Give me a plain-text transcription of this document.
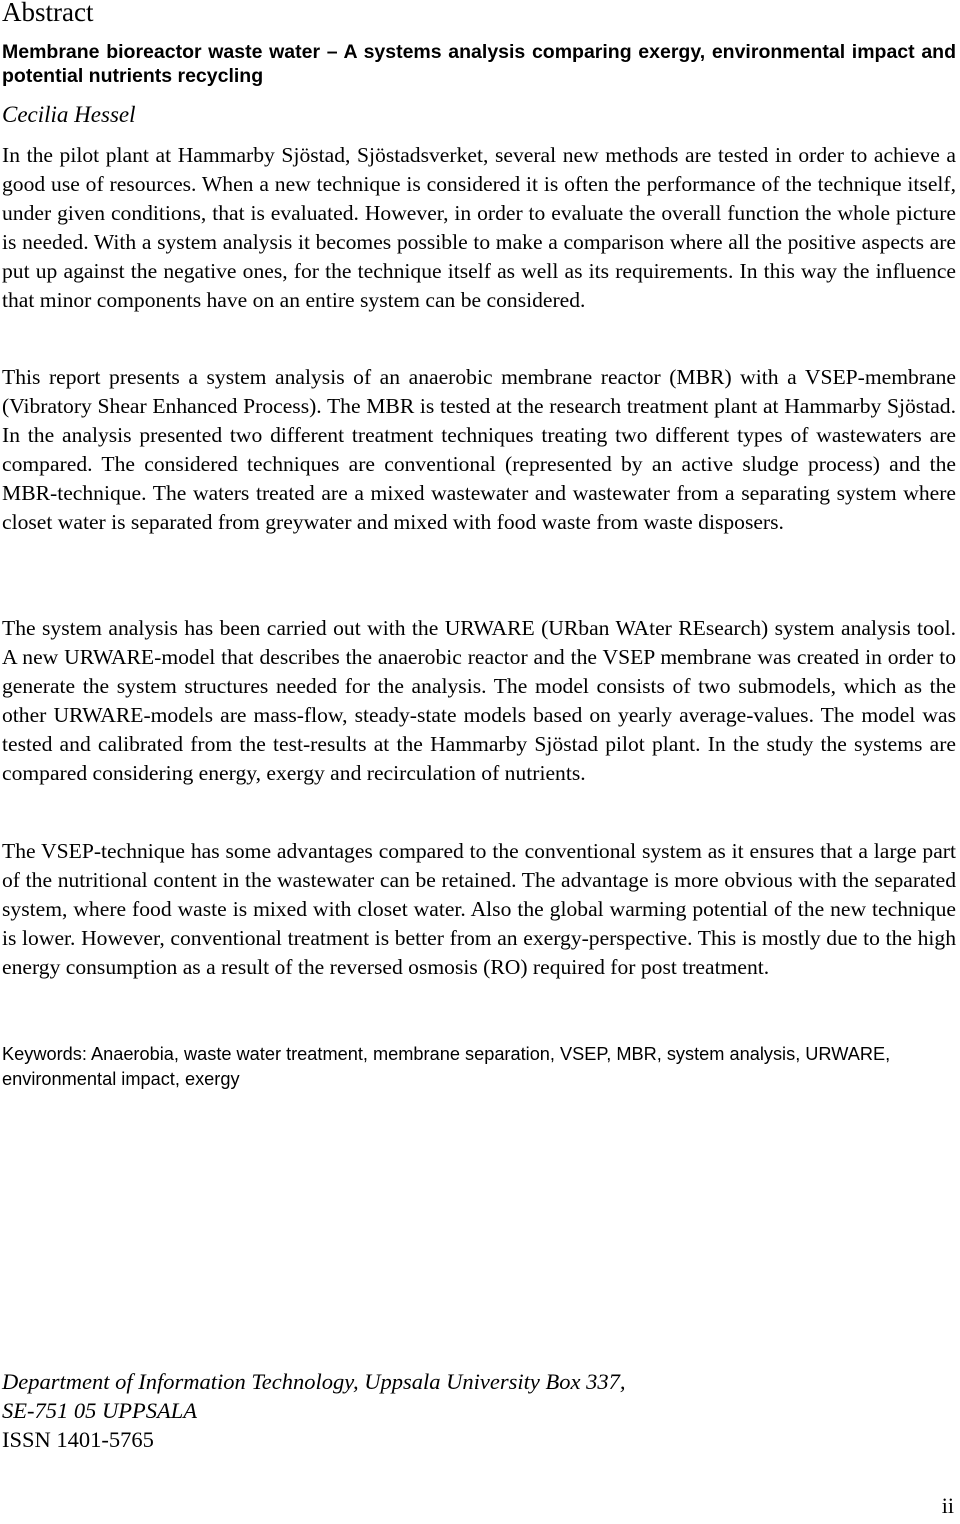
Abstract

Membrane bioreactor waste water – A systems analysis comparing exergy, environmental impact and potential nutrients recycling

Cecilia Hessel

In the pilot plant at Hammarby Sjöstad, Sjöstadsverket, several new methods are tested in order to achieve a good use of resources. When a new technique is considered it is often the performance of the technique itself, under given conditions, that is evaluated. However, in order to evaluate the overall function the whole picture is needed. With a system analysis it becomes possible to make a comparison where all the positive aspects are put up against the negative ones, for the technique itself as well as its requirements. In this way the influence that minor components have on an entire system can be considered.

This report presents a system analysis of an anaerobic membrane reactor (MBR) with a VSEP-membrane (Vibratory Shear Enhanced Process). The MBR is tested at the research treatment plant at Hammarby Sjöstad. In the analysis presented two different treatment techniques treating two different types of wastewaters are compared. The considered techniques are conventional (represented by an active sludge process) and the MBR-technique. The waters treated are a mixed wastewater and wastewater from a separating system where closet water is separated from greywater and mixed with food waste from waste disposers.

The system analysis has been carried out with the URWARE (URban WAter REsearch) system analysis tool. A new URWARE-model that describes the anaerobic reactor and the VSEP membrane was created in order to generate the system structures needed for the analysis. The model consists of two submodels, which as the other URWARE-models are mass-flow, steady-state models based on yearly average-values. The model was tested and calibrated from the test-results at the Hammarby Sjöstad pilot plant. In the study the systems are compared considering energy, exergy and recirculation of nutrients.

The VSEP-technique has some advantages compared to the conventional system as it ensures that a large part of the nutritional content in the wastewater can be retained. The advantage is more obvious with the separated system, where food waste is mixed with closet water. Also the global warming potential of the new technique is lower. However, conventional treatment is better from an exergy-perspective. This is mostly due to the high energy consumption as a result of the reversed osmosis (RO) required for post treatment.

Keywords: Anaerobia, waste water treatment, membrane separation, VSEP, MBR, system analysis, URWARE, environmental impact, exergy

Department of Information Technology, Uppsala University Box 337,
SE-751 05 UPPSALA
ISSN 1401-5765

ii
